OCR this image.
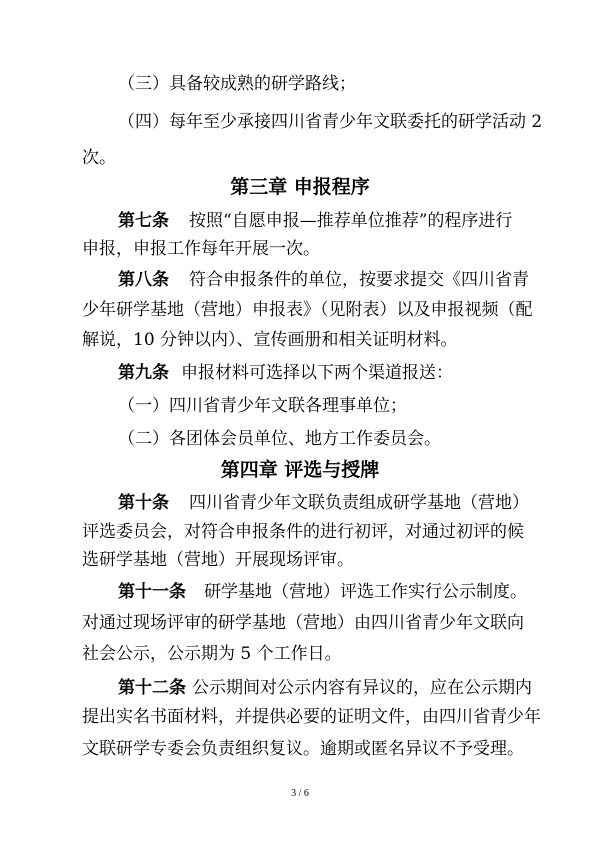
（三）具备较成熟的研学路线；
（四）每年至少承接四川省青少年文联委托的研学活动 2
次。
第三章 申报程序
第七条 按照“自愿申报—推荐单位推荐”的程序进行
申报，申报工作每年开展一次。
第八条 符合申报条件的单位，按要求提交《四川省青
少年研学基地（营地）申报表》（见附表）以及申报视频（配
解说，10 分钟以内）、宣传画册和相关证明材料。
第九条 申报材料可选择以下两个渠道报送：
（一）四川省青少年文联各理事单位；
（二）各团体会员单位、地方工作委员会。
第四章 评选与授牌
第十条 四川省青少年文联负责组成研学基地（营地）
评选委员会，对符合申报条件的进行初评，对通过初评的候
选研学基地（营地）开展现场评审。
第十一条 研学基地（营地）评选工作实行公示制度。
对通过现场评审的研学基地（营地）由四川省青少年文联向
社会公示，公示期为 5 个工作日。
第十二条 公示期间对公示内容有异议的，应在公示期内
提出实名书面材料，并提供必要的证明文件，由四川省青少年
文联研学专委会负责组织复议。逾期或匿名异议不予受理。
3 / 6
